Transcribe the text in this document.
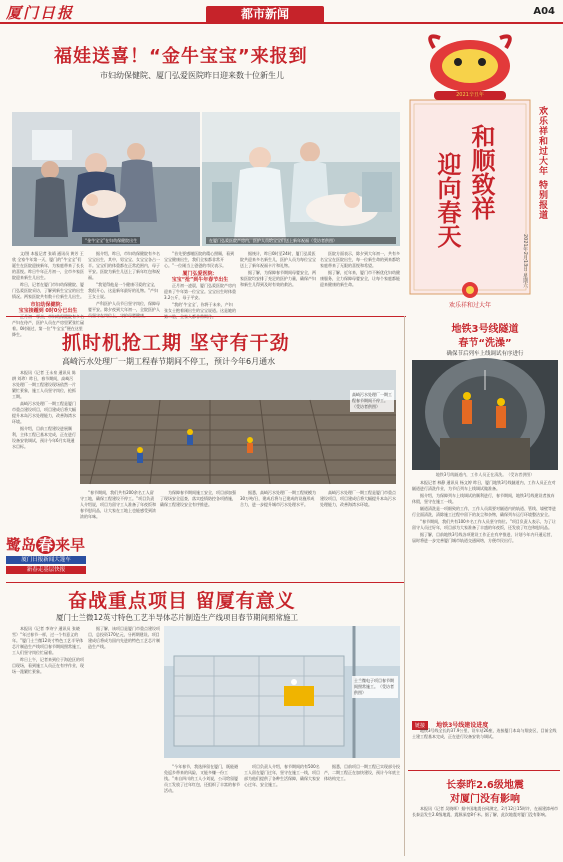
厦门日报	都市新闻	A04
福娃送喜！“金牛宝宝”来报到
市妇幼保健院、厦门弘爱医院昨日迎来数十位新生儿
“金牛宝宝”在妇幼保健院出生	在厦门弘爱医院产房内，医护人员给宝宝们送上新年祝福（受访者供图）

文/图 本报记者 张靖 通讯员 黄芳 王欣 全家牛年第一天，厦门的“牛宝宝”们诞生在医院迎接新年，为家庭带来了长长的喜悦。昨日牛年正月初一，全市多家医院迎来新生儿出生。

昨日，记者在厦门市妇幼保健院、厦门弘爱医院采访，了解到新生宝宝的出生情况。两家医院共有数十位新生儿出生。

市妇幼保健院：
宝宝接踵到 0时0分已出生

产妇在待产，医护人员在产房里紧张忙碌着。0时刚过，第一位“牛宝宝”便在这里降生。

据介绍，昨日，市妇幼保健院有多名宝宝出生，其中，男宝宝、女宝宝各占一半。宝宝们的体重都在正常范围内，母子平安。医院为新生儿送上了新年红包和祝福。

“我觉得他是一个健康可爱的宝宝，我很开心，这是新年最好的礼物。”产妇王女士说。

产科医护人员节日坚守岗位，保障母婴平安。除夕夜到大年初一，全院医护人

“首先要感谢医院的精心照顾，看到宝宝健康出生，我们全家都非常开心。”一位刚当上爸爸的市民表示。

厦门弘爱医院：
宝宝“抢”到牛年春节出生

正月初一凌晨，厦门弘爱医院产房内迎来了牛年第一位宝宝。宝宝出生时体重3.2公斤，母子平安。

“我的‘牛宝宝’，你将于未来，产妇张女士抱着刚出生的宝宝说道。这是她的

据统计，昨日0时至24时，厦门弘爱医院共迎来多名新生儿，医护人员为每位宝宝送上了新年祝福卡片和礼物。

据了解，为保障春节期间母婴安全，两家医院均安排了充足的医护力量，确保产妇和新生儿得到及时有效的救治。

医院方面表示，除夕到大年初一，共有多名宝宝在医院出生，每一位新生命的到来都给家庭带来了无限的喜悦和希望。

据了解，近年来，厦门市不断优化妇幼健康服务，全力保障母婴安全，让每个家庭都能迎来健康的新生命。

2021辛丑年
和顺致祥
迎向春天
欢乐祥和过大年 特别报道
2021年2月13日 星期六
欢乐祥和过大年
抓时机抢工期 坚守有干劲
高崎污水处理厂一期工程春节期间不停工，预计今年6月通水

本报讯（记者 王永泉 通讯员 陈耕 刘珍）昨日，春节期间，高崎污水处理厂一期工程建设现场依然一片繁忙景象，施工人员坚守岗位，抢抓工期。

高崎污水处理厂一期工程是厦门市重点建设项目，项目建成后将大幅提升本岛污水处理能力，改善海湾水环境。

据介绍，目前工程建设进展顺利，主体工程已基本完成，正在进行设备安装调试，预计今年6月实现通水目标。

高崎污水处理厂一期工程春节期间不停工。（受访者供图）

“春节期间，我们共有200余名工人留守工地，确保工程建设不停工。”项目负责人介绍说，项目为留守工人准备了年夜饭和春节慰问品，让大家在工地上也能感受到浓浓的年味。

为保障春节期间施工安全，项目部加强了现场安全巡查，落实疫情防控各项措施，确保工程建设安全有序推进。

据悉，高崎污水处理厂一期工程规模为30万吨/日，建成后将与已建成的设施形成合力，进一步提升城市污水处理水平。

高崎污水处理厂一期工程是厦门市重点建设项目，项目建成后将大幅提升本岛污水处理能力，改善海湾水环境。

鹭岛 春 来早
厦门日报新闻大篷车
新春走基层快报
奋战重点项目 留厦有意义
厦门士兰微12英寸特色工艺半导体芯片制造生产线项目春节期间照常施工

本报讯（记者 李诗宁 通讯员 张晓雪）“年过春节一样，过一个有意义的年。”厦门士兰微12英寸特色工艺半导体芯片制造生产线项目春节期间照常施工，工人们坚守岗位忙碌着。

昨日上午，记者来到位于海沧区的项目现场，看到施工人员正在有序作业，现场一派繁忙景象。

据了解，该项目是厦门市重点建设项目，总投资170亿元，分两期建设。项目建成后将成为国内先进的特色工艺芯片制造生产线。

士兰微电子项目春节期间照常施工。（受访者供图）

“今年春节，我选择留在厦门，既能避免返乡带来的风险，又能多赚一份工钱。”来自四川的工人小刘说，公司给留厦员工发放了过年红包，还组织了丰富的春节活动。

项目负责人介绍，春节期间约有500名工人留在厦门过年，坚守在施工一线，项目部为他们提供了各种生活保障，确保大家安心过年、安全施工。

据悉，目前项目一期工程已实现部分投产，二期工程正在加快建设，预计今年底主体结构完工。

地铁3号线隧道
春节“洗澡”
确保节后列车上线调试有序进行
地铁3号线隧道内，工作人员正在清洗。（受访者供图）

本报记者 林静 通讯员 杨文婷 昨日，厦门地铁3号线隧道内，工作人员正在对隧道进行清洗作业，为节后列车上线调试做准备。

据介绍，为保障列车上线调试的顺利进行，春节期间，地铁3号线建设者放弃休假，坚守在施工一线。

隧道清洗是一项细致的工作，工作人员需要对隧道内的轨道、管线、墙壁等进行全面清洗，清除施工过程中留下的灰尘和杂物，确保列车运行环境整洁安全。

“春节期间，我们共有100多名工作人员坚守岗位。”项目负责人表示，为了让留守人员过好年，项目部为大家准备了丰盛的年夜饭，还发放了红包和慰问品。

据了解，目前地铁3号线各项建设工作正在有序推进，计划今年内开通运营，届时将进一步完善厦门城市轨道交通网络，方便市民出行。

链接 地铁3号线建设进度

地铁3号线全长约37.9公里，设车站26座，连接厦门本岛与翔安区，目前全线土建工程基本完成，正在进行设备安装与调试。

长泰昨2.6级地震
对厦门没有影响

本报讯（记者 吴晓晖）据中国地震台网测定，2月12日15时许，在福建漳州市长泰县发生2.6级地震，震源深度8千米。据了解，此次地震对厦门没有影响。
